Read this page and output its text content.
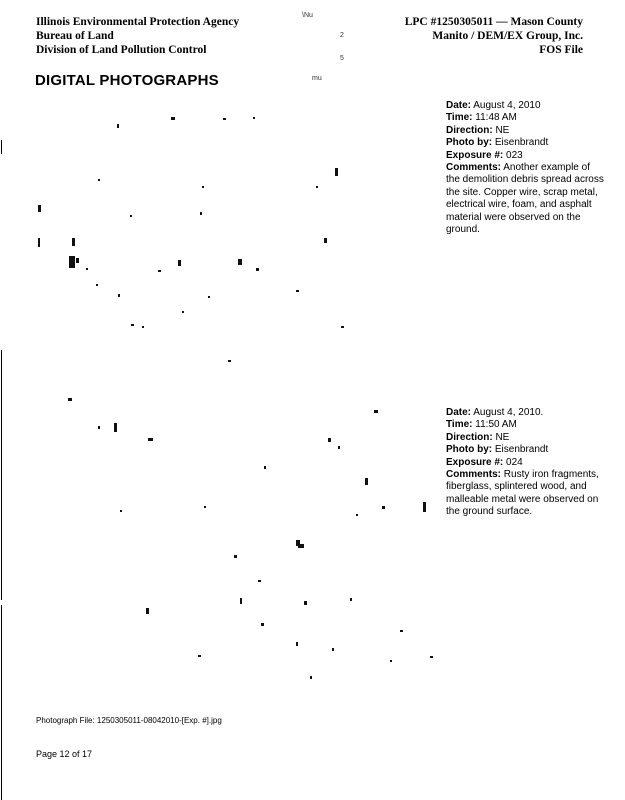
Illinois Environmental Protection Agency
Bureau of Land
Division of Land Pollution Control
LPC #1250305011 — Mason County
Manito / DEM/EX Group, Inc.
FOS File
\Nu
2
5
mu
DIGITAL PHOTOGRAPHS
Date: August 4, 2010
Time: 11:48 AM
Direction: NE
Photo by: Eisenbrandt
Exposure #: 023
Comments: Another example of the demolition debris spread across the site. Copper wire, scrap metal, electrical wire, foam, and asphalt material were observed on the ground.
Date: August 4, 2010.
Time: 11:50 AM
Direction: NE
Photo by: Eisenbrandt
Exposure #: 024
Comments: Rusty iron fragments, fiberglass, splintered wood, and malleable metal were observed on the ground surface.
Photograph File: 1250305011-08042010-[Exp. #].jpg
Page 12 of 17
